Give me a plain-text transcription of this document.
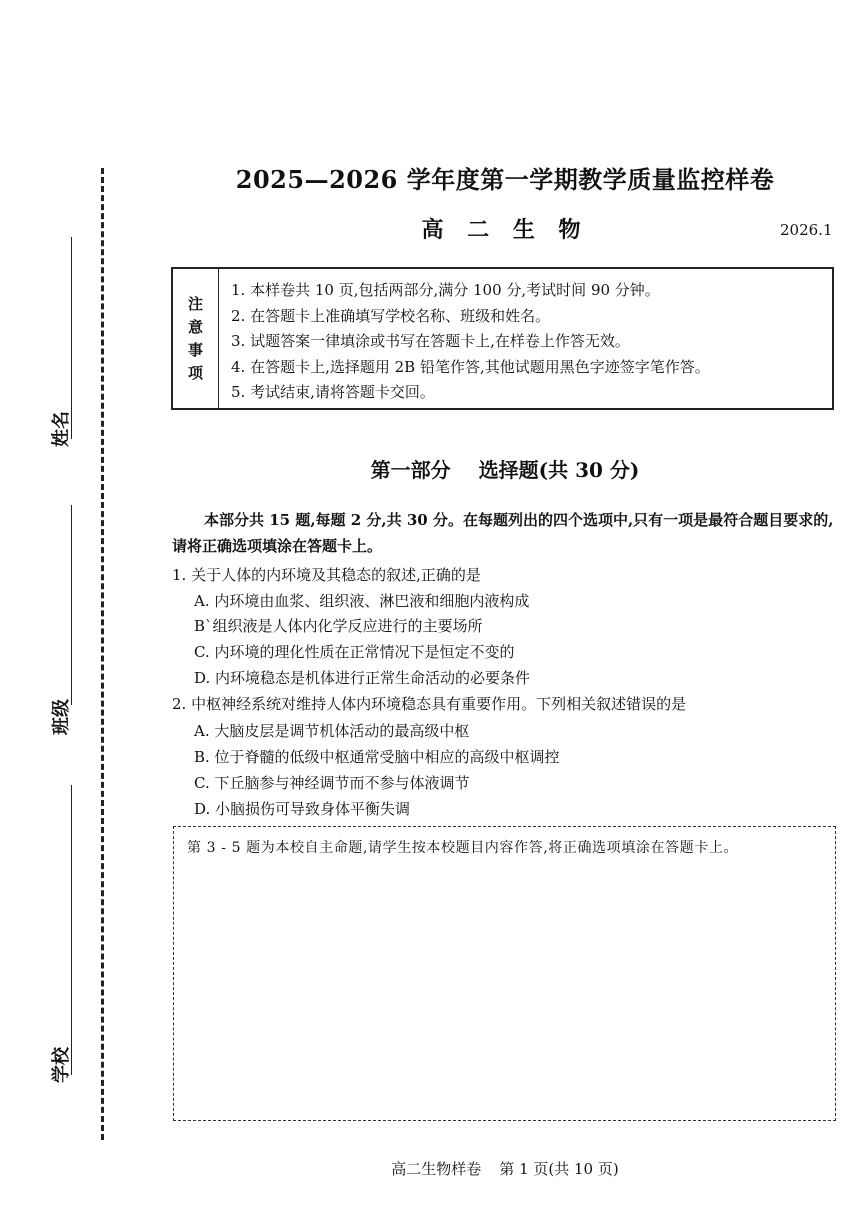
姓名
班级
学校
2025—2026 学年度第一学期教学质量监控样卷
高 二 生 物	2026.1
注
意
事
项
1. 本样卷共 10 页,包括两部分,满分 100 分,考试时间 90 分钟。
2. 在答题卡上准确填写学校名称、班级和姓名。
3. 试题答案一律填涂或书写在答题卡上,在样卷上作答无效。
4. 在答题卡上,选择题用 2B 铅笔作答,其他试题用黑色字迹签字笔作答。
5. 考试结束,请将答题卡交回。
第一部分 选择题(共 30 分)
本部分共 15 题,每题 2 分,共 30 分。在每题列出的四个选项中,只有一项是最符合题目要求的,请将正确选项填涂在答题卡上。
1. 关于人体的内环境及其稳态的叙述,正确的是
A. 内环境由血浆、组织液、淋巴液和细胞内液构成
B`组织液是人体内化学反应进行的主要场所
C. 内环境的理化性质在正常情况下是恒定不变的
D. 内环境稳态是机体进行正常生命活动的必要条件
2. 中枢神经系统对维持人体内环境稳态具有重要作用。下列相关叙述错误的是
A. 大脑皮层是调节机体活动的最高级中枢
B. 位于脊髓的低级中枢通常受脑中相应的高级中枢调控
C. 下丘脑参与神经调节而不参与体液调节
D. 小脑损伤可导致身体平衡失调
第 3 - 5 题为本校自主命题,请学生按本校题目内容作答,将正确选项填涂在答题卡上。
高二生物样卷 第 1 页(共 10 页)
